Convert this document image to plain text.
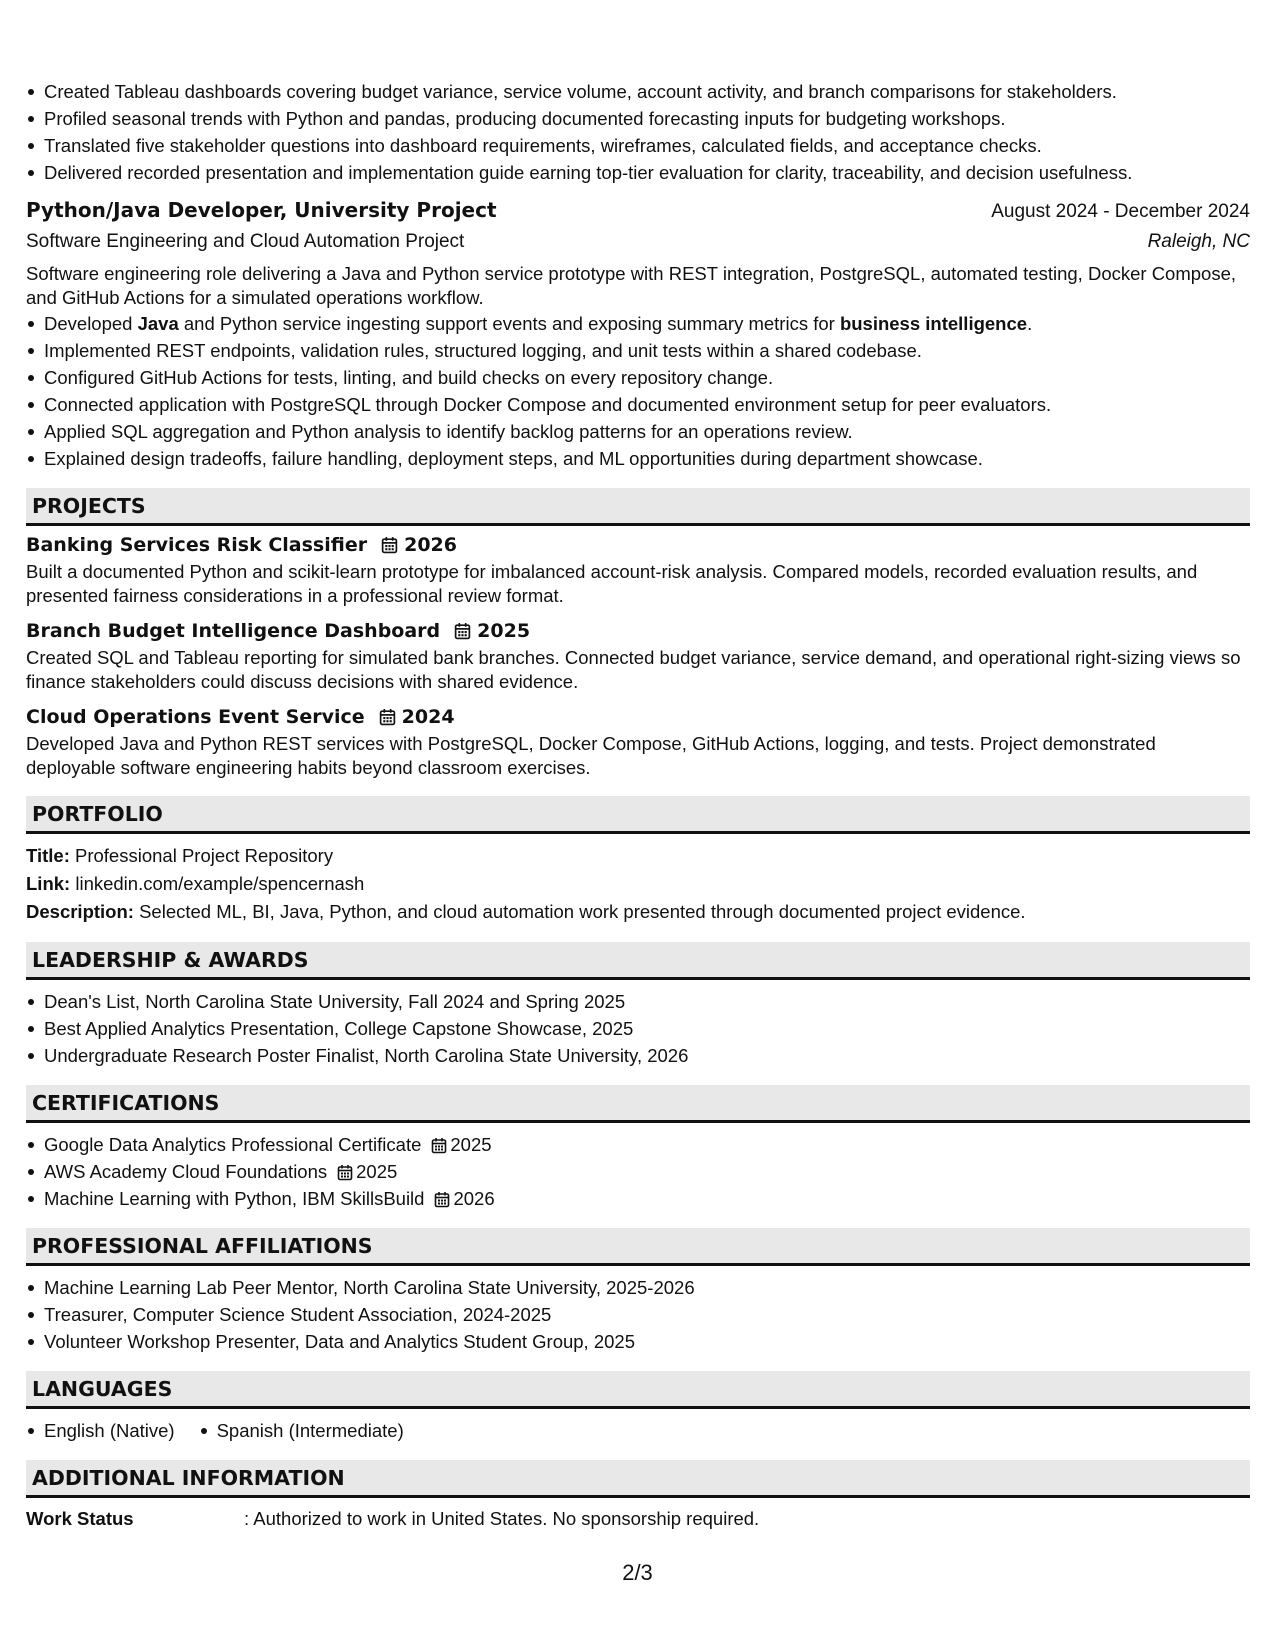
Created Tableau dashboards covering budget variance, service volume, account activity, and branch comparisons for stakeholders.
Profiled seasonal trends with Python and pandas, producing documented forecasting inputs for budgeting workshops.
Translated five stakeholder questions into dashboard requirements, wireframes, calculated fields, and acceptance checks.
Delivered recorded presentation and implementation guide earning top-tier evaluation for clarity, traceability, and decision usefulness.
Python/Java Developer, University Project	August 2024 - December 2024
Software Engineering and Cloud Automation Project	Raleigh, NC
Software engineering role delivering a Java and Python service prototype with REST integration, PostgreSQL, automated testing, Docker Compose, and GitHub Actions for a simulated operations workflow.
Developed Java and Python service ingesting support events and exposing summary metrics for business intelligence.
Implemented REST endpoints, validation rules, structured logging, and unit tests within a shared codebase.
Configured GitHub Actions for tests, linting, and build checks on every repository change.
Connected application with PostgreSQL through Docker Compose and documented environment setup for peer evaluators.
Applied SQL aggregation and Python analysis to identify backlog patterns for an operations review.
Explained design tradeoffs, failure handling, deployment steps, and ML opportunities during department showcase.
PROJECTS
Banking Services Risk Classifier 2026
Built a documented Python and scikit-learn prototype for imbalanced account-risk analysis. Compared models, recorded evaluation results, and presented fairness considerations in a professional review format.
Branch Budget Intelligence Dashboard 2025
Created SQL and Tableau reporting for simulated bank branches. Connected budget variance, service demand, and operational right-sizing views so finance stakeholders could discuss decisions with shared evidence.
Cloud Operations Event Service 2024
Developed Java and Python REST services with PostgreSQL, Docker Compose, GitHub Actions, logging, and tests. Project demonstrated deployable software engineering habits beyond classroom exercises.
PORTFOLIO
Title: Professional Project Repository
Link: linkedin.com/example/spencernash
Description: Selected ML, BI, Java, Python, and cloud automation work presented through documented project evidence.
LEADERSHIP & AWARDS
Dean's List, North Carolina State University, Fall 2024 and Spring 2025
Best Applied Analytics Presentation, College Capstone Showcase, 2025
Undergraduate Research Poster Finalist, North Carolina State University, 2026
CERTIFICATIONS
Google Data Analytics Professional Certificate 2025
AWS Academy Cloud Foundations 2025
Machine Learning with Python, IBM SkillsBuild 2026
PROFESSIONAL AFFILIATIONS
Machine Learning Lab Peer Mentor, North Carolina State University, 2025-2026
Treasurer, Computer Science Student Association, 2024-2025
Volunteer Workshop Presenter, Data and Analytics Student Group, 2025
LANGUAGES
English (Native) Spanish (Intermediate)
ADDITIONAL INFORMATION
Work Status	: Authorized to work in United States. No sponsorship required.
2/3
